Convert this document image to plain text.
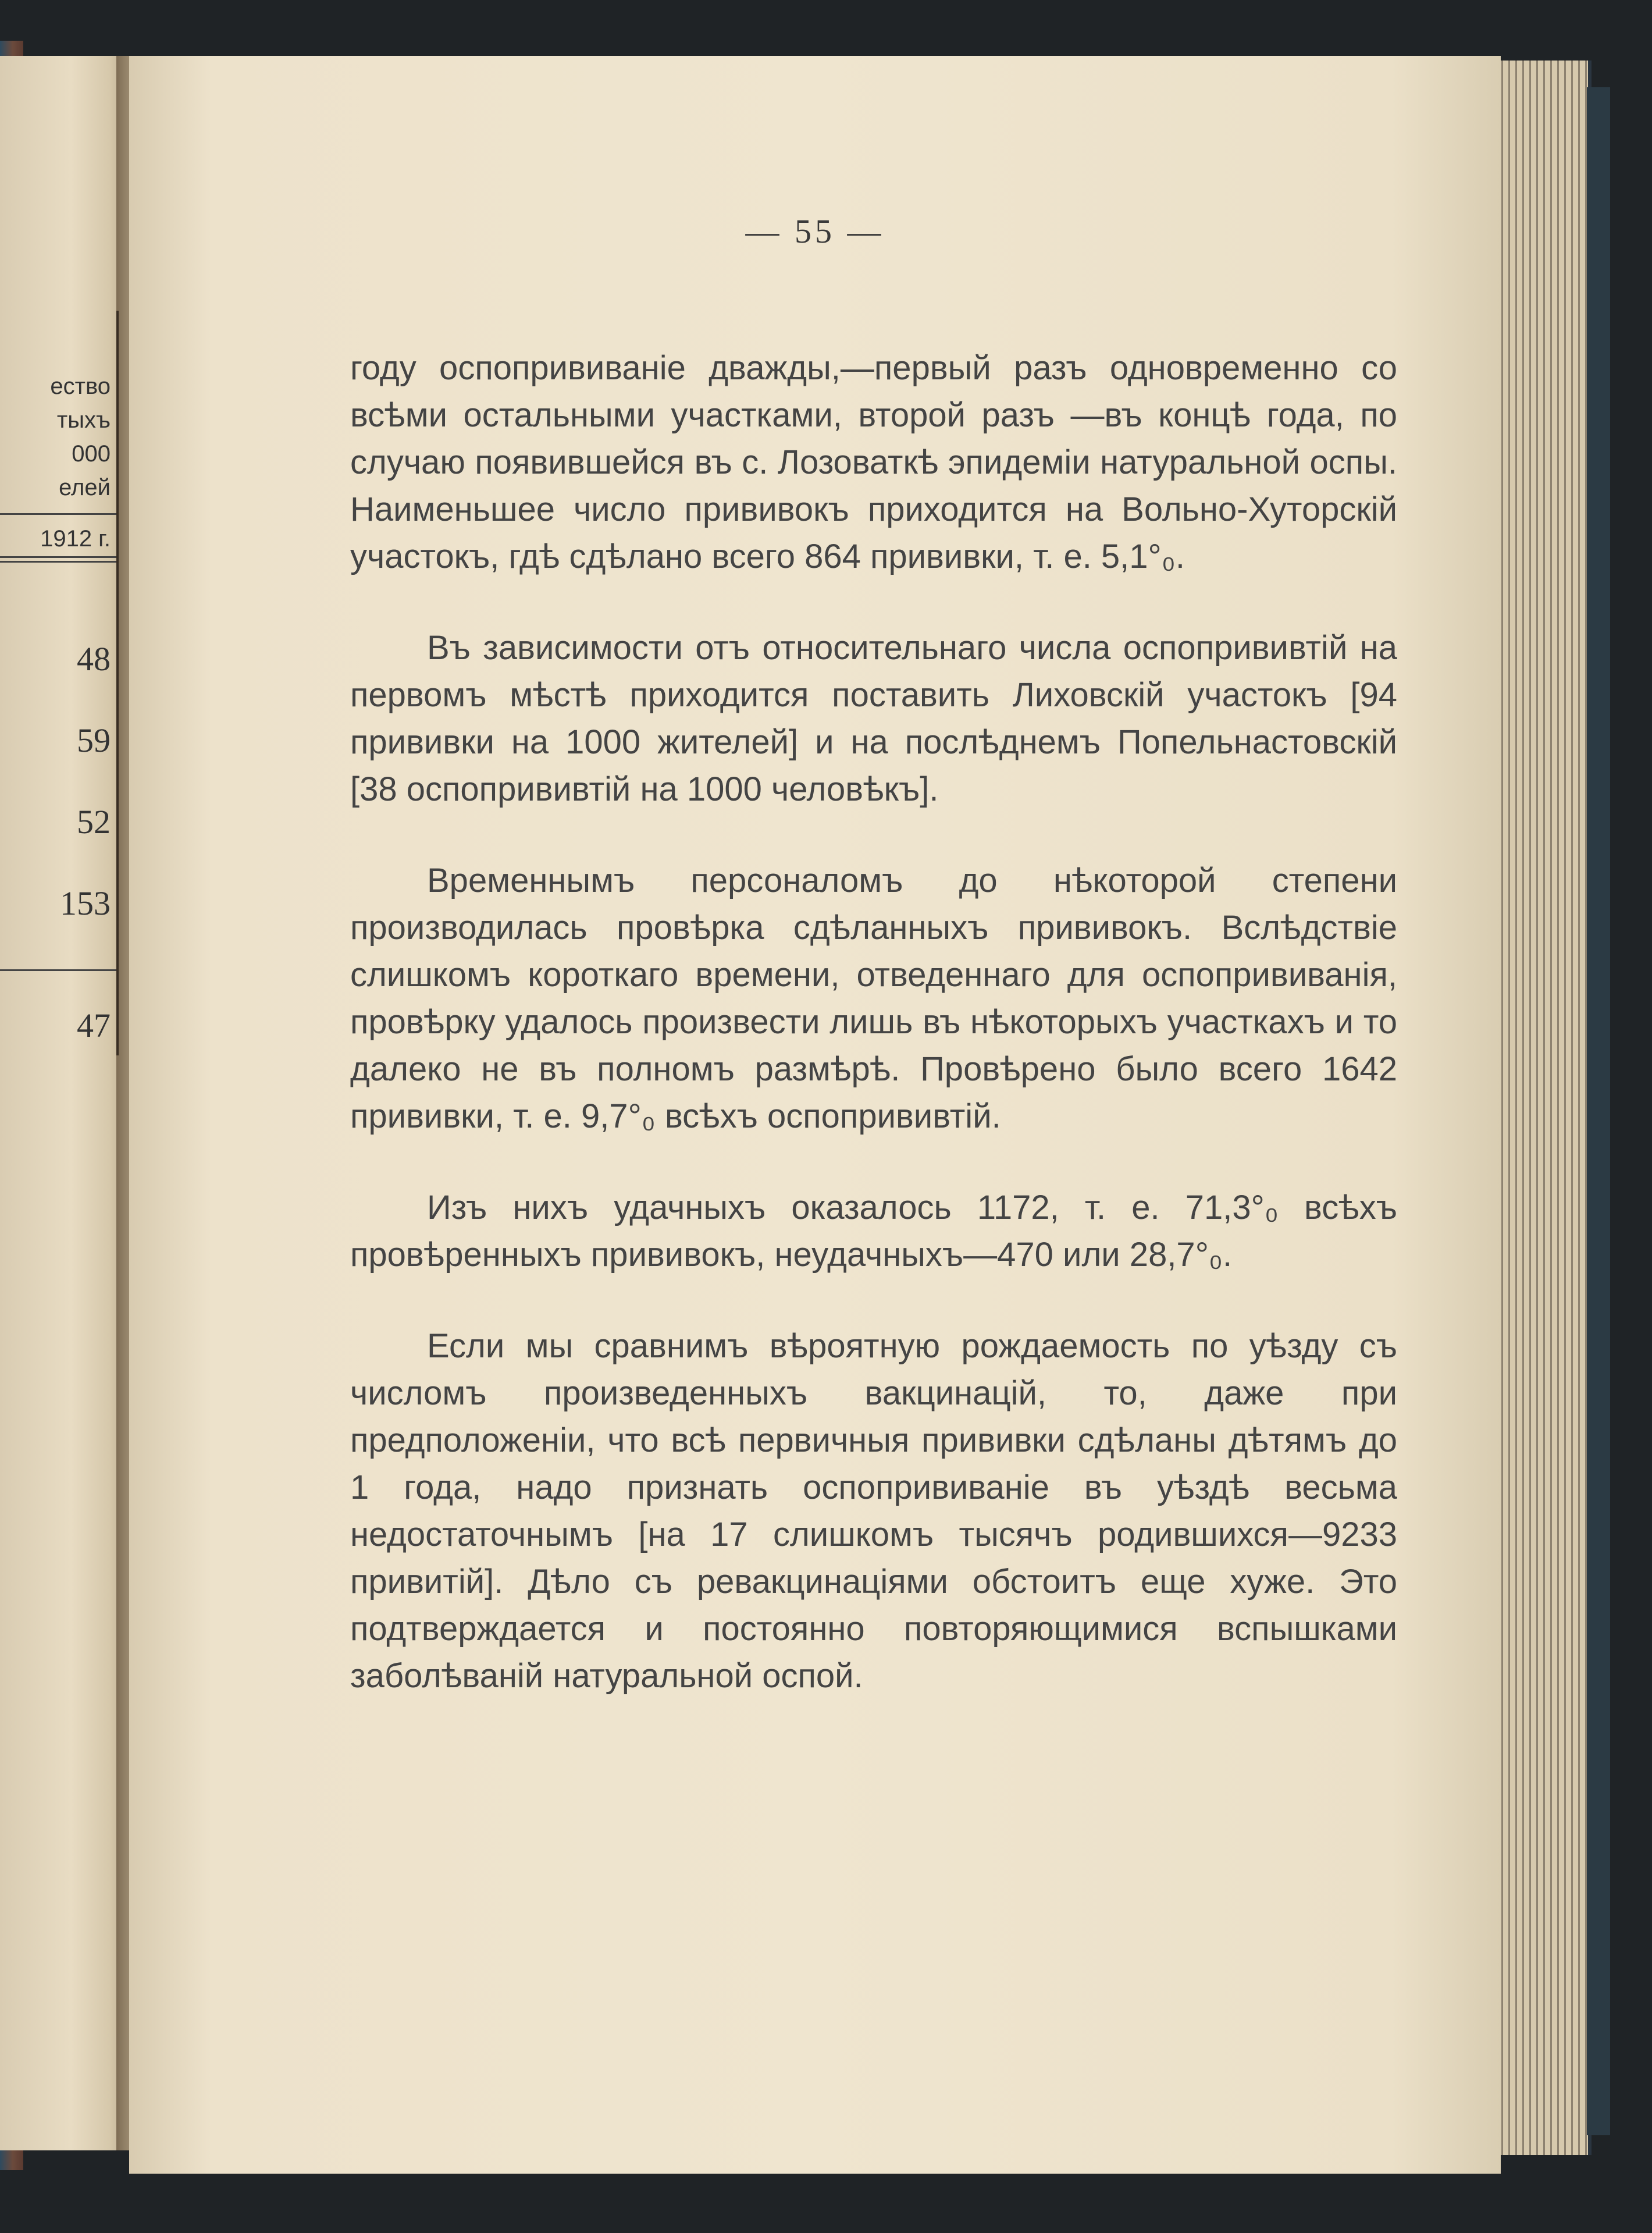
ество
тыхъ
000
елей
1912 г.
48
59
52
153
47
— 55 —

году оспопрививаніе дважды,—первый разъ одновременно со всѣми остальными участками, второй разъ —въ концѣ года, по случаю появившейся въ с. Лозоваткѣ эпидеміи натуральной оспы. Наименьшее число прививокъ приходится на Вольно-Хуторскій участокъ, гдѣ сдѣлано всего 864 прививки, т. е. 5,1°₀.

Въ зависимости отъ относительнаго числа оспопрививтій на первомъ мѣстѣ приходится поставить Лиховскій участокъ [94 прививки на 1000 жителей] и на послѣднемъ Попельнастовскій [38 оспопрививтій на 1000 человѣкъ].

Временнымъ персоналомъ до нѣкоторой степени производилась провѣрка сдѣланныхъ прививокъ. Вслѣдствіе слишкомъ короткаго времени, отведеннаго для оспопрививанія, провѣрку удалось произвести лишь въ нѣкоторыхъ участкахъ и то далеко не въ полномъ размѣрѣ. Провѣрено было всего 1642 прививки, т. е. 9,7°₀ всѣхъ оспопрививтій.

Изъ нихъ удачныхъ оказалось 1172, т. е. 71,3°₀ всѣхъ провѣренныхъ прививокъ, неудачныхъ—470 или 28,7°₀.

Если мы сравнимъ вѣроятную рождаемость по уѣзду съ числомъ произведенныхъ вакцинацій, то, даже при предположеніи, что всѣ первичныя прививки сдѣланы дѣтямъ до 1 года, надо признать оспопрививаніе въ уѣздѣ весьма недостаточнымъ [на 17 слишкомъ тысячъ родившихся—9233 привитій]. Дѣло съ ревакцинаціями обстоитъ еще хуже. Это подтверждается и постоянно повторяющимися вспышками заболѣваній натуральной оспой.
